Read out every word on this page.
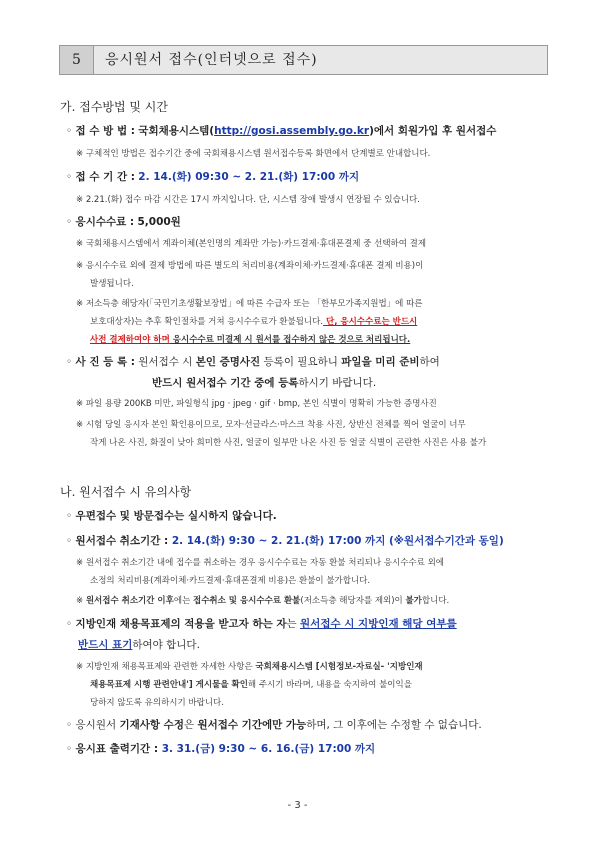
5	응시원서 접수(인터넷으로 접수)
가. 접수방법 및 시간
◦ 접 수 방 법 : 국회채용시스템(http://gosi.assembly.go.kr)에서 회원가입 후 원서접수
※ 구체적인 방법은 접수기간 중에 국회채용시스템 원서접수등록 화면에서 단계별로 안내합니다.
◦ 접 수 기 간 : 2. 14.(화) 09:30 ~ 2. 21.(화) 17:00 까지
※ 2.21.(화) 접수 마감 시간은 17시 까지입니다. 단, 시스템 장애 발생시 연장될 수 있습니다.
◦ 응시수수료 : 5,000원
※ 국회채용시스템에서 계좌이체(본인명의 계좌만 가능)·카드결제·휴대폰결제 중 선택하여 결제
※ 응시수수료 외에 결제 방법에 따른 별도의 처리비용(계좌이체·카드결제·휴대폰 결제 비용)이
발생됩니다.
※ 저소득층 해당자(「국민기초생활보장법」에 따른 수급자 또는 「한부모가족지원법」에 따른
보호대상자)는 추후 확인절차를 거쳐 응시수수료가 환불됩니다. 단, 응시수수료는 반드시
사전 결제하여야 하며 응시수수료 미결제 시 원서를 접수하지 않은 것으로 처리됩니다.
◦ 사 진 등 록 : 원서접수 시 본인 증명사진 등록이 필요하니 파일을 미리 준비하여
반드시 원서접수 기간 중에 등록하시기 바랍니다.
※ 파일 용량 200KB 미만, 파일형식 jpg · jpeg · gif · bmp, 본인 식별이 명확히 가능한 증명사진
※ 시험 당일 응시자 본인 확인용이므로, 모자·선글라스·마스크 착용 사진, 상반신 전체를 찍어 얼굴이 너무
작게 나온 사진, 화질이 낮아 희미한 사진, 얼굴이 일부만 나온 사진 등 얼굴 식별이 곤란한 사진은 사용 불가
나. 원서접수 시 유의사항
◦ 우편접수 및 방문접수는 실시하지 않습니다.
◦ 원서접수 취소기간 : 2. 14.(화) 9:30 ~ 2. 21.(화) 17:00 까지 (※원서접수기간과 동일)
※ 원서접수 취소기간 내에 접수를 취소하는 경우 응시수수료는 자동 환불 처리되나 응시수수료 외에
소정의 처리비용(계좌이체·카드결제·휴대폰결제 비용)은 환불이 불가합니다.
※ 원서접수 취소기간 이후에는 접수취소 및 응시수수료 환불(저소득층 해당자를 제외)이 불가합니다.
◦ 지방인재 채용목표제의 적용을 받고자 하는 자는 원서접수 시 지방인재 해당 여부를
반드시 표기하여야 합니다.
※ 지방인재 채용목표제와 관련한 자세한 사항은 국회채용시스템 [시험정보-자료실- '지방인재
채용목표제 시행 관련안내'] 게시물을 확인해 주시기 바라며, 내용을 숙지하여 불이익을
당하지 않도록 유의하시기 바랍니다.
◦ 응시원서 기재사항 수정은 원서접수 기간에만 가능하며, 그 이후에는 수정할 수 없습니다.
◦ 응시표 출력기간 : 3. 31.(금) 9:30 ~ 6. 16.(금) 17:00 까지
- 3 -
